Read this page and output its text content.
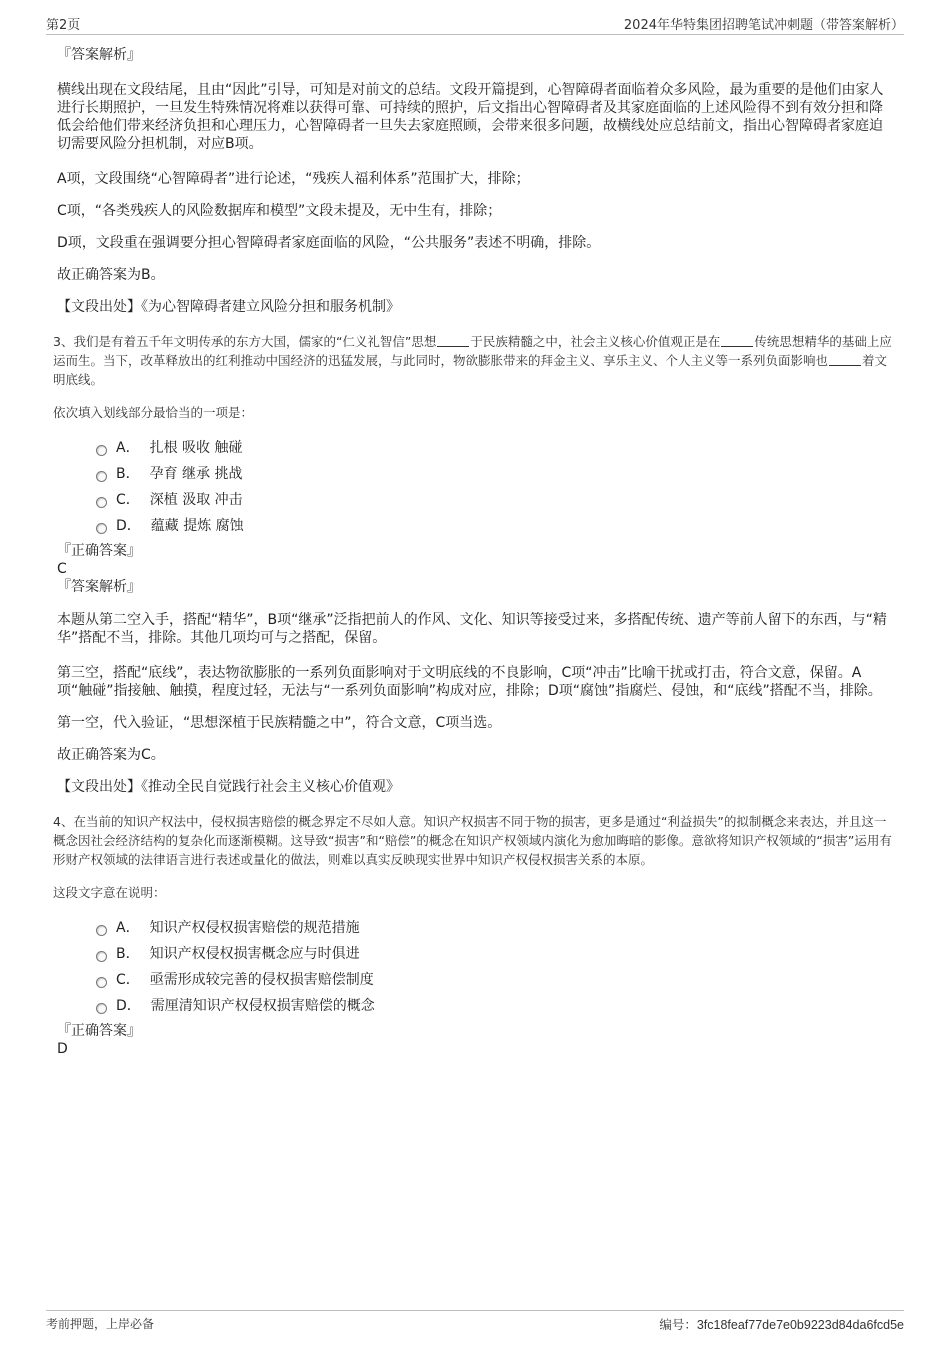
第2页	2024年华特集团招聘笔试冲刺题（带答案解析）
『答案解析』

横线出现在文段结尾，且由“因此”引导，可知是对前文的总结。文段开篇提到，心智障碍者面临着众多风险，最为重要的是他们由家人进行长期照护，一旦发生特殊情况将难以获得可靠、可持续的照护，后文指出心智障碍者及其家庭面临的上述风险得不到有效分担和降低会给他们带来经济负担和心理压力，心智障碍者一旦失去家庭照顾，会带来很多问题，故横线处应总结前文，指出心智障碍者家庭迫切需要风险分担机制，对应B项。

A项，文段围绕“心智障碍者”进行论述，“残疾人福利体系”范围扩大，排除；

C项，“各类残疾人的风险数据库和模型”文段未提及，无中生有，排除；

D项，文段重在强调要分担心智障碍者家庭面临的风险，“公共服务”表述不明确，排除。

故正确答案为B。

【文段出处】《为心智障碍者建立风险分担和服务机制》

3、我们是有着五千年文明传承的东方大国，儒家的“仁义礼智信”思想	于民族精髓之中，社会主义核心价值观正是在	传统思想精华的基础上应运而生。当下，改革释放出的红利推动中国经济的迅猛发展，与此同时，物欲膨胀带来的拜金主义、享乐主义、个人主义等一系列负面影响也	着文明底线。

依次填入划线部分最恰当的一项是：

A． 扎根 吸收 触碰
B． 孕育 继承 挑战
C． 深植 汲取 冲击
D． 蕴藏 提炼 腐蚀
『正确答案』
C
『答案解析』

本题从第二空入手，搭配“精华”，B项“继承”泛指把前人的作风、文化、知识等接受过来，多搭配传统、遗产等前人留下的东西，与“精华”搭配不当，排除。其他几项均可与之搭配，保留。

第三空，搭配“底线”，表达物欲膨胀的一系列负面影响对于文明底线的不良影响，C项“冲击”比喻干扰或打击，符合文意，保留。A项“触碰”指接触、触摸，程度过轻，无法与“一系列负面影响”构成对应，排除；D项“腐蚀”指腐烂、侵蚀，和“底线”搭配不当，排除。

第一空，代入验证，“思想深植于民族精髓之中”，符合文意，C项当选。

故正确答案为C。

【文段出处】《推动全民自觉践行社会主义核心价值观》

4、在当前的知识产权法中，侵权损害赔偿的概念界定不尽如人意。知识产权损害不同于物的损害，更多是通过“利益损失”的拟制概念来表达，并且这一概念因社会经济结构的复杂化而逐渐模糊。这导致“损害”和“赔偿”的概念在知识产权领域内演化为愈加晦暗的影像。意欲将知识产权领域的“损害”运用有形财产权领域的法律语言进行表述或量化的做法，则难以真实反映现实世界中知识产权侵权损害关系的本原。

这段文字意在说明：

A． 知识产权侵权损害赔偿的规范措施
B． 知识产权侵权损害概念应与时俱进
C． 亟需形成较完善的侵权损害赔偿制度
D． 需厘清知识产权侵权损害赔偿的概念
『正确答案』
D
考前押题，上岸必备	编号：3fc18feaf77de7e0b9223d84da6fcd5e
